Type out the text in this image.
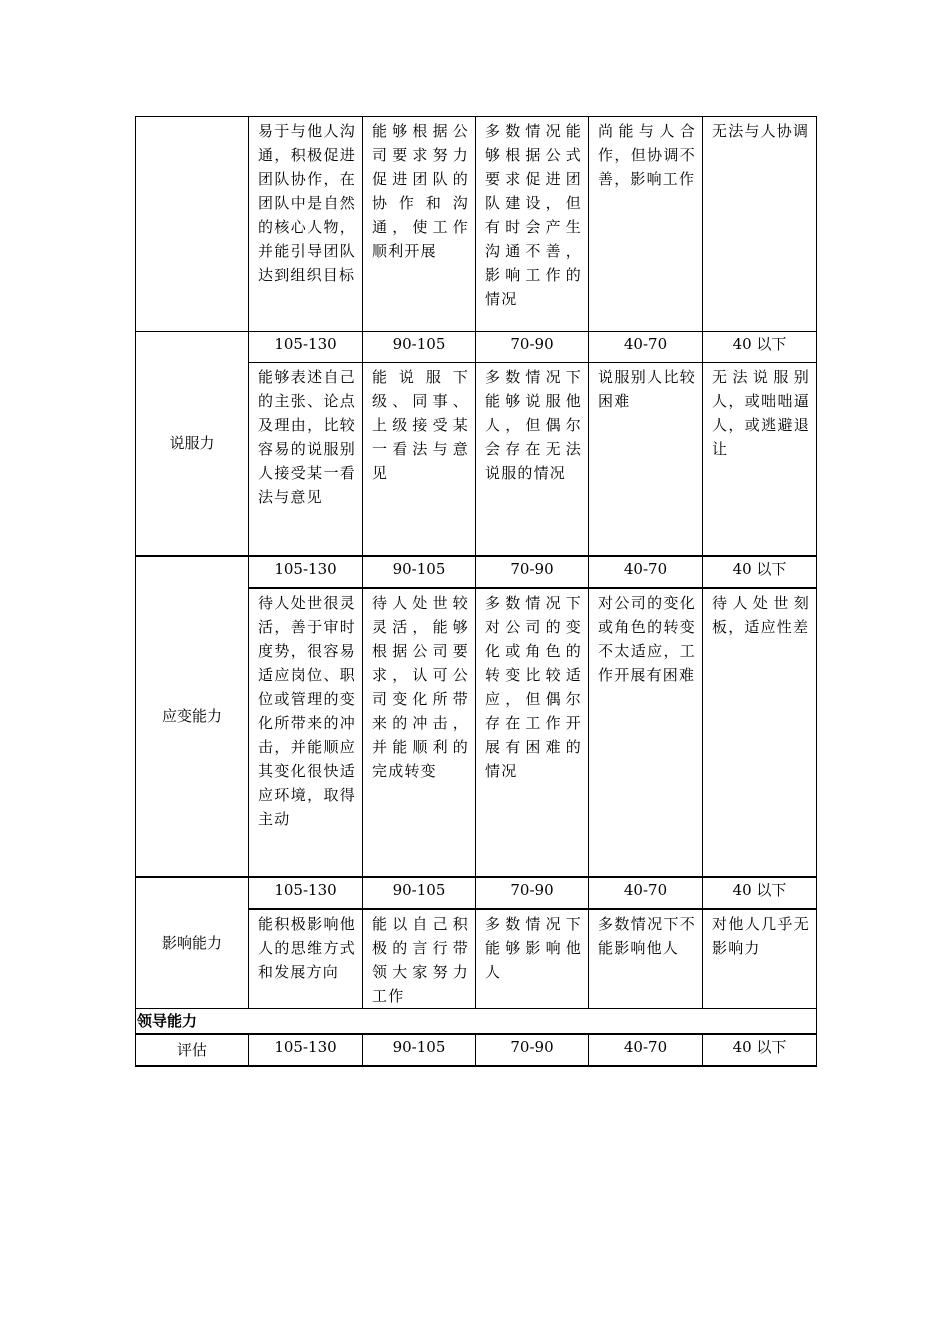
	易于与他人沟通，积极促进团队协作，在团队中是自然的核心人物，并能引导团队达到组织目标	能够根据公司要求努力促进团队的协作和沟通，使工作顺利开展	多数情况能够根据公式要求促进团队建设，但有时会产生沟通不善，影响工作的情况	尚能与人合作，但协调不善，影响工作	无法与人协调
说服力	105-130	90-105	70-90	40-70	40 以下
	能够表述自己的主张、论点及理由，比较容易的说服别人接受某一看法与意见	能说服下级、同事、上级接受某一看法与意见	多数情况下能够说服他人，但偶尔会存在无法说服的情况	说服别人比较困难	无法说服别人，或咄咄逼人，或逃避退让
应变能力	105-130	90-105	70-90	40-70	40 以下
	待人处世很灵活，善于审时度势，很容易适应岗位、职位或管理的变化所带来的冲击，并能顺应其变化很快适应环境，取得主动	待人处世较灵活，能够根据公司要求，认可公司变化所带来的冲击，并能顺利的完成转变	多数情况下对公司的变化或角色的转变比较适应，但偶尔存在工作开展有困难的情况	对公司的变化或角色的转变不太适应，工作开展有困难	待人处世刻板，适应性差
影响能力	105-130	90-105	70-90	40-70	40 以下
	能积极影响他人的思维方式和发展方向	能以自己积极的言行带领大家努力工作	多数情况下能够影响他人	多数情况下不能影响他人	对他人几乎无影响力
领导能力					
评估	105-130	90-105	70-90	40-70	40 以下
